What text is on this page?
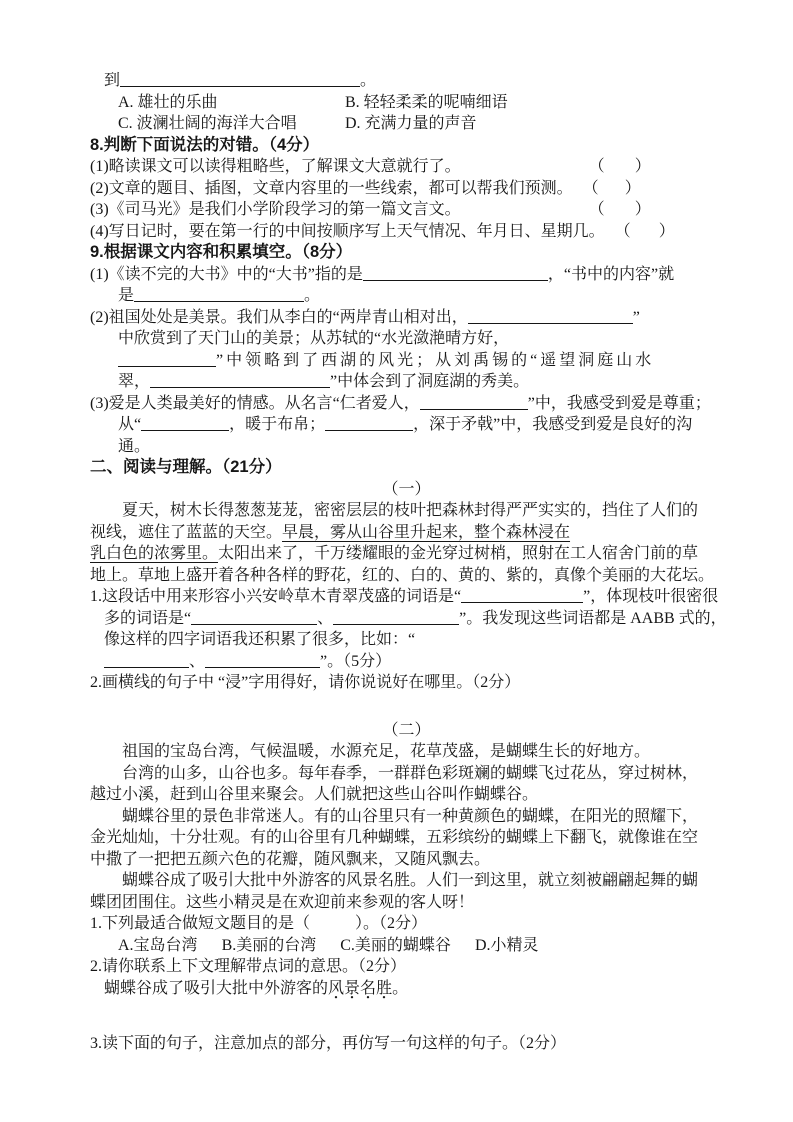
到	。
A. 雄壮的乐曲	B. 轻轻柔柔的呢喃细语
C. 波澜壮阔的海洋大合唱	D. 充满力量的声音
8.判断下面说法的对错。（4分）
(1)略读课文可以读得粗略些，了解课文大意就行了。	（ ）
(2)文章的题目、插图，文章内容里的一些线索，都可以帮我们预测。 （ ）
(3)《司马光》是我们小学阶段学习的第一篇文言文。	（ ）
(4)写日记时，要在第一行的中间按顺序写上天气情况、年月日、星期几。 （ ）
9.根据课文内容和积累填空。（8分）
(1)《读不完的大书》中的“大书”指的是	，“书中的内容”就
是	。
(2)祖国处处是美景。我们从李白的“两岸青山相对出，	”
中欣赏到了天门山的美景；从苏轼的“水光潋滟晴方好，
”中领略到了西湖的风光；从刘禹锡的“遥望洞庭山水
翠，	”中体会到了洞庭湖的秀美。
(3)爱是人类最美好的情感。从名言“仁者爱人，	”中，我感受到爱是尊重；
从“	，暖于布帛；	，深于矛戟”中，我感受到爱是良好的沟
通。
二、阅读与理解。（21分）
（一）
夏天，树木长得葱葱茏茏，密密层层的枝叶把森林封得严严实实的，挡住了人们的
视线，遮住了蓝蓝的天空。早晨，雾从山谷里升起来，整个森林浸在
乳白色的浓雾里。太阳出来了，千万缕耀眼的金光穿过树梢，照射在工人宿舍门前的草
地上。草地上盛开着各种各样的野花，红的、白的、黄的、紫的，真像个美丽的大花坛。
1.这段话中用来形容小兴安岭草木青翠茂盛的词语是“	”，体现枝叶很密很
多的词语是“	、	”。我发现这些词语都是 AABB 式的，
像这样的四字词语我还积累了很多，比如：“
、	”。（5分）
2.画横线的句子中 “浸”字用得好，请你说说好在哪里。（2分）
（二）
祖国的宝岛台湾，气候温暖，水源充足，花草茂盛，是蝴蝶生长的好地方。
台湾的山多，山谷也多。每年春季，一群群色彩斑斓的蝴蝶飞过花丛，穿过树林，
越过小溪，赶到山谷里来聚会。人们就把这些山谷叫作蝴蝶谷。
蝴蝶谷里的景色非常迷人。有的山谷里只有一种黄颜色的蝴蝶，在阳光的照耀下，
金光灿灿，十分壮观。有的山谷里有几种蝴蝶，五彩缤纷的蝴蝶上下翻飞，就像谁在空
中撒了一把把五颜六色的花瓣，随风飘来，又随风飘去。
蝴蝶谷成了吸引大批中外游客的风景名胜。人们一到这里，就立刻被翩翩起舞的蝴
蝶团团围住。这些小精灵是在欢迎前来参观的客人呀！
1.下列最适合做短文题目的是（	）。（2分）
A.宝岛台湾 B.美丽的台湾 C.美丽的蝴蝶谷 D.小精灵
2.请你联系上下文理解带点词的意思。（2分）
蝴蝶谷成了吸引大批中外游客的风景名胜。
3.读下面的句子，注意加点的部分，再仿写一句这样的句子。（2分）
